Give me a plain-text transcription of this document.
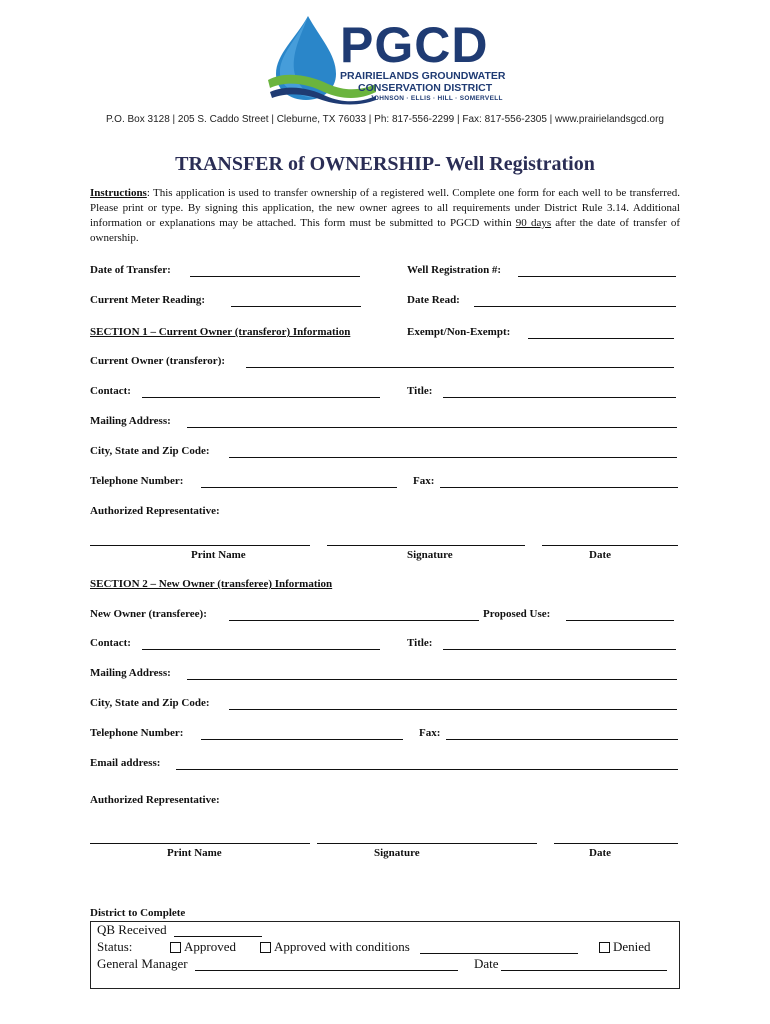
PGCD
PRAIRIELANDS GROUNDWATER
CONSERVATION DISTRICT
JOHNSON · ELLIS · HILL · SOMERVELL
P.O. Box 3128 | 205 S. Caddo Street | Cleburne, TX 76033 | Ph: 817-556-2299 | Fax: 817-556-2305 | www.prairielandsgcd.org
TRANSFER of OWNERSHIP- Well Registration
Instructions: This application is used to transfer ownership of a registered well. Complete one form for each well to be transferred. Please print or type. By signing this application, the new owner agrees to all requirements under District Rule 3.14. Additional information or explanations may be attached. This form must be submitted to PGCD within 90 days after the date of transfer of ownership.
Date of Transfer:	Well Registration #:
Current Meter Reading:	Date Read:
SECTION 1 – Current Owner (transferor) Information	Exempt/Non-Exempt:
Current Owner (transferor):
Contact:	Title:
Mailing Address:
City, State and Zip Code:
Telephone Number:	Fax:
Authorized Representative:
Print Name	Signature	Date
SECTION 2 – New Owner (transferee) Information
New Owner (transferee):	Proposed Use:
Contact:	Title:
Mailing Address:
City, State and Zip Code:
Telephone Number:	Fax:
Email address:
Authorized Representative:
Print Name	Signature	Date
District to Complete
QB Received
Status:	Approved	Approved with conditions	Denied
General Manager	Date
